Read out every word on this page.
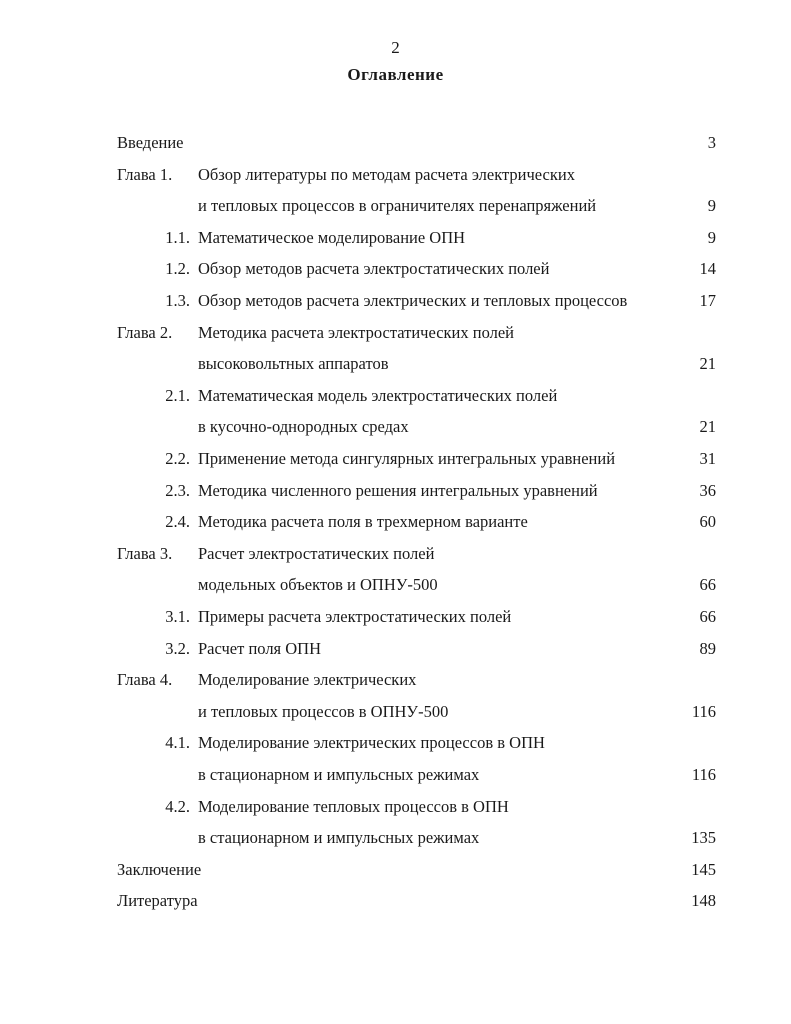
2
Оглавление
Введение	3
Глава 1. Обзор литературы по методам расчета электрических
и тепловых процессов в ограничителях перенапряжений	9
1.1. Математическое моделирование ОПН	9
1.2. Обзор методов расчета электростатических полей	14
1.3. Обзор методов расчета электрических и тепловых процессов	17
Глава 2. Методика расчета электростатических полей
высоковольтных аппаратов	21
2.1. Математическая модель электростатических полей
в кусочно-однородных средах	21
2.2. Применение метода сингулярных интегральных уравнений	31
2.3. Методика численного решения интегральных уравнений	36
2.4. Методика расчета поля в трехмерном варианте	60
Глава 3. Расчет электростатических полей
модельных объектов и ОПНУ-500	66
3.1. Примеры расчета электростатических полей	66
3.2. Расчет поля ОПН	89
Глава 4. Моделирование электрических
и тепловых процессов в ОПНУ-500	116
4.1. Моделирование электрических процессов в ОПН
в стационарном и импульсных режимах	116
4.2. Моделирование тепловых процессов в ОПН
в стационарном и импульсных режимах	135
Заключение	145
Литература	148
